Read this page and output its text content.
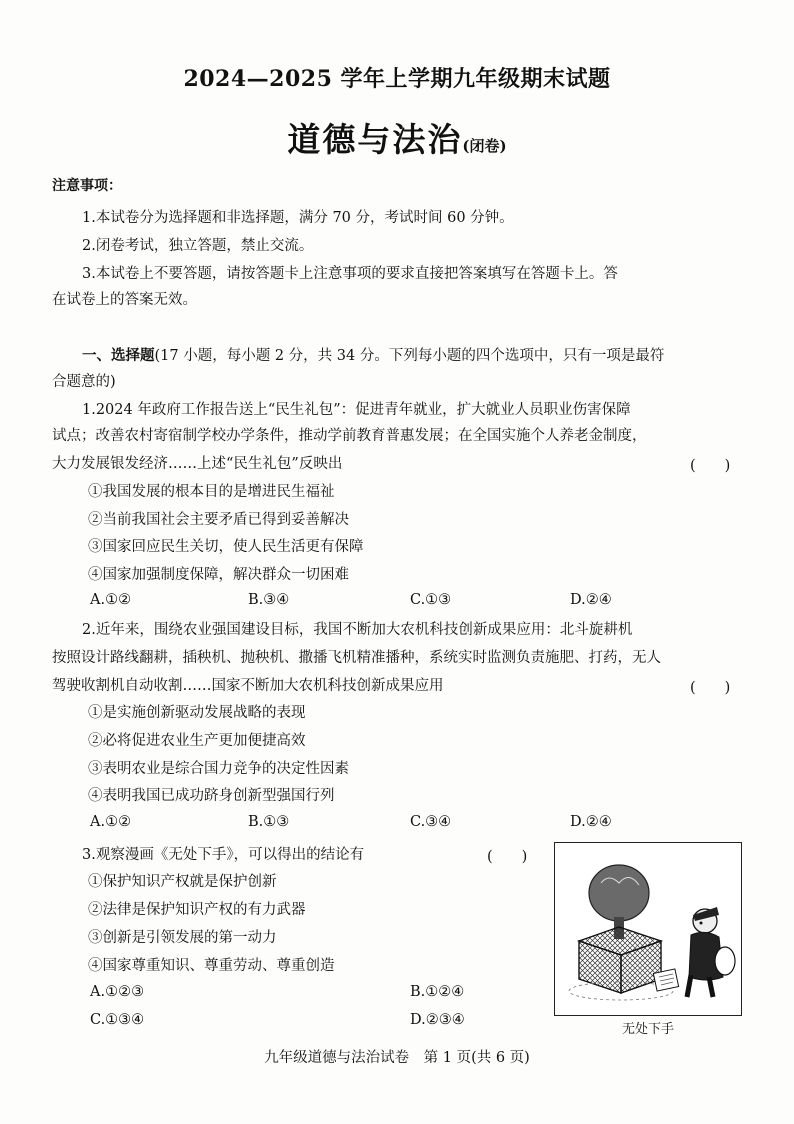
2024—2025 学年上学期九年级期末试题
道德与法治(闭卷)
注意事项：
1.本试卷分为选择题和非选择题，满分 70 分，考试时间 60 分钟。
2.闭卷考试，独立答题，禁止交流。
3.本试卷上不要答题，请按答题卡上注意事项的要求直接把答案填写在答题卡上。答
在试卷上的答案无效。
一、选择题(17 小题，每小题 2 分，共 34 分。下列每小题的四个选项中，只有一项是最符
合题意的)
1.2024 年政府工作报告送上“民生礼包”：促进青年就业，扩大就业人员职业伤害保障
试点；改善农村寄宿制学校办学条件，推动学前教育普惠发展；在全国实施个人养老金制度，
大力发展银发经济……上述“民生礼包”反映出	(　　)
①我国发展的根本目的是增进民生福祉
②当前我国社会主要矛盾已得到妥善解决
③国家回应民生关切，使人民生活更有保障
④国家加强制度保障，解决群众一切困难
A.①②	B.③④	C.①③	D.②④
2.近年来，围绕农业强国建设目标，我国不断加大农机科技创新成果应用：北斗旋耕机
按照设计路线翻耕，插秧机、抛秧机、撒播飞机精准播种，系统实时监测负责施肥、打药，无人
驾驶收割机自动收割……国家不断加大农机科技创新成果应用	(　　)
①是实施创新驱动发展战略的表现
②必将促进农业生产更加便捷高效
③表明农业是综合国力竞争的决定性因素
④表明我国已成功跻身创新型强国行列
A.①②	B.①③	C.③④	D.②④
3.观察漫画《无处下手》，可以得出的结论有	(　　)
①保护知识产权就是保护创新
②法律是保护知识产权的有力武器
③创新是引领发展的第一动力
④国家尊重知识、尊重劳动、尊重创造
A.①②③	B.①②④
C.①③④	D.②③④
无处下手
九年级道德与法治试卷　第 1 页(共 6 页)
